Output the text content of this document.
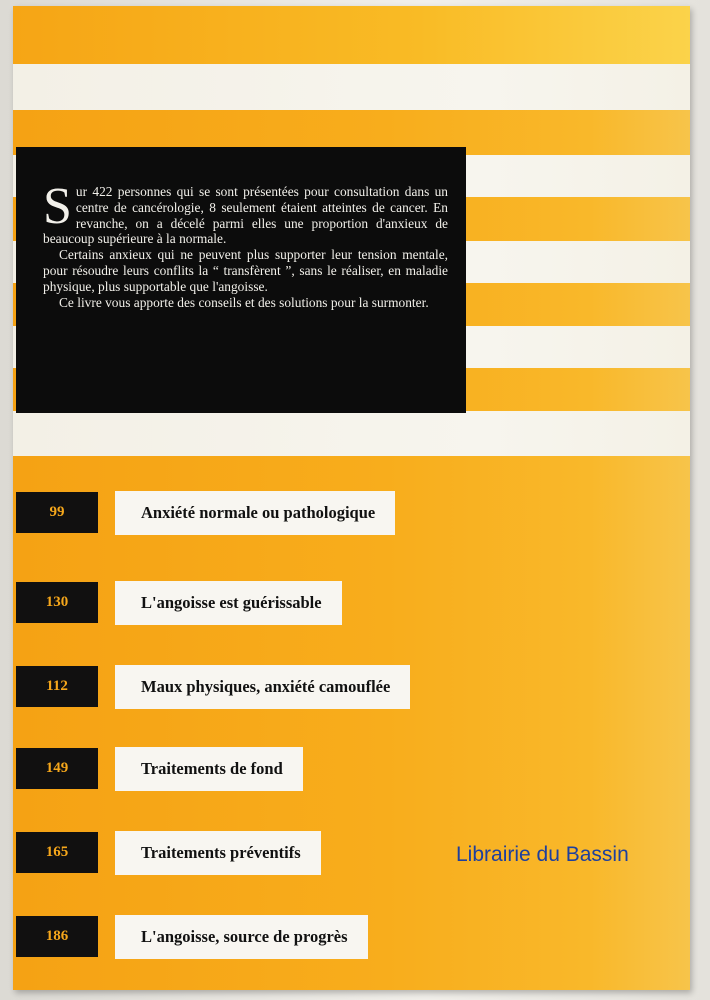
S ur 422 personnes qui se sont présentées pour consultation dans un centre de cancérologie, 8 seulement étaient atteintes de cancer. En revanche, on a décelé parmi elles une proportion d'anxieux de beaucoup supérieure à la normale.

Certains anxieux qui ne peuvent plus supporter leur tension mentale, pour résoudre leurs conflits la “ transfèrent ”, sans le réaliser, en maladie physique, plus supportable que l'angoisse.

Ce livre vous apporte des conseils et des solutions pour la surmonter.

99	Anxiété normale ou pathologique
130	L'angoisse est guérissable
112	Maux physiques, anxiété camouflée
149	Traitements de fond
165	Traitements préventifs
186	L'angoisse, source de progrès
Librairie du Bassin
